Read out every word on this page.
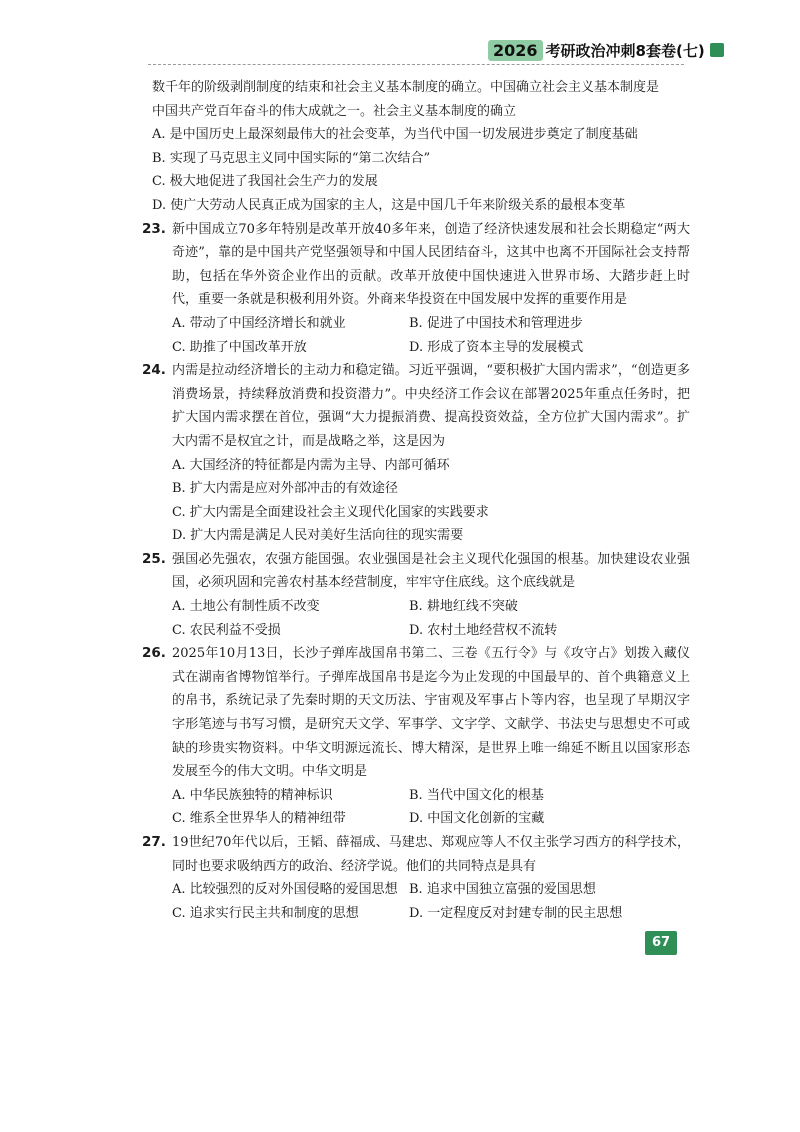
2026 考研政治冲刺8套卷(七)
数千年的阶级剥削制度的结束和社会主义基本制度的确立。中国确立社会主义基本制度是
中国共产党百年奋斗的伟大成就之一。社会主义基本制度的确立
A. 是中国历史上最深刻最伟大的社会变革，为当代中国一切发展进步奠定了制度基础
B. 实现了马克思主义同中国实际的“第二次结合”
C. 极大地促进了我国社会生产力的发展
D. 使广大劳动人民真正成为国家的主人，这是中国几千年来阶级关系的最根本变革
23. 新中国成立70多年特别是改革开放40多年来，创造了经济快速发展和社会长期稳定“两大奇迹”，靠的是中国共产党坚强领导和中国人民团结奋斗，这其中也离不开国际社会支持帮助，包括在华外资企业作出的贡献。改革开放使中国快速进入世界市场、大踏步赶上时代，重要一条就是积极利用外资。外商来华投资在中国发展中发挥的重要作用是
A. 带动了中国经济增长和就业	B. 促进了中国技术和管理进步
C. 助推了中国改革开放	D. 形成了资本主导的发展模式
24. 内需是拉动经济增长的主动力和稳定锚。习近平强调，“要积极扩大国内需求”，“创造更多消费场景，持续释放消费和投资潜力”。中央经济工作会议在部署2025年重点任务时，把扩大国内需求摆在首位，强调“大力提振消费、提高投资效益，全方位扩大国内需求”。扩大内需不是权宜之计，而是战略之举，这是因为
A. 大国经济的特征都是内需为主导、内部可循环
B. 扩大内需是应对外部冲击的有效途径
C. 扩大内需是全面建设社会主义现代化国家的实践要求
D. 扩大内需是满足人民对美好生活向往的现实需要
25. 强国必先强农，农强方能国强。农业强国是社会主义现代化强国的根基。加快建设农业强国，必须巩固和完善农村基本经营制度，牢牢守住底线。这个底线就是
A. 土地公有制性质不改变	B. 耕地红线不突破
C. 农民利益不受损	D. 农村土地经营权不流转
26. 2025年10月13日，长沙子弹库战国帛书第二、三卷《五行令》与《攻守占》划拨入藏仪式在湖南省博物馆举行。子弹库战国帛书是迄今为止发现的中国最早的、首个典籍意义上的帛书，系统记录了先秦时期的天文历法、宇宙观及军事占卜等内容，也呈现了早期汉字字形笔迹与书写习惯，是研究天文学、军事学、文字学、文献学、书法史与思想史不可或缺的珍贵实物资料。中华文明源远流长、博大精深，是世界上唯一绵延不断且以国家形态发展至今的伟大文明。中华文明是
A. 中华民族独特的精神标识	B. 当代中国文化的根基
C. 维系全世界华人的精神纽带	D. 中国文化创新的宝藏
27. 19世纪70年代以后，王韬、薛福成、马建忠、郑观应等人不仅主张学习西方的科学技术，同时也要求吸纳西方的政治、经济学说。他们的共同特点是具有
A. 比较强烈的反对外国侵略的爱国思想 B. 追求中国独立富强的爱国思想
C. 追求实行民主共和制度的思想	D. 一定程度反对封建专制的民主思想
67
